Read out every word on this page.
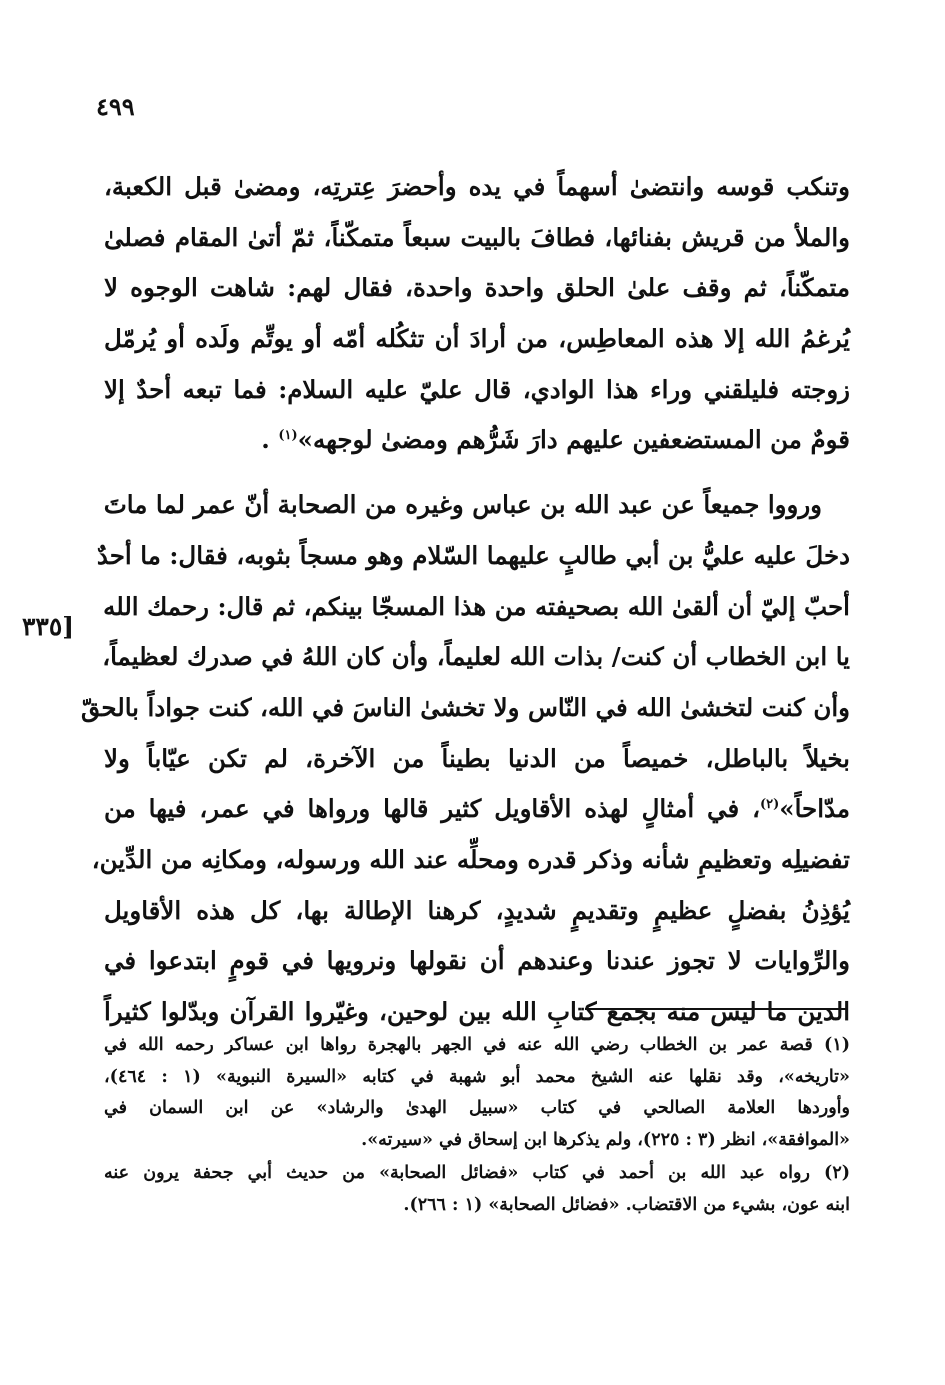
٤٩٩
[٣٣٥
وتنكب قوسه وانتضىٰ أسهماً في يده وأحضرَ عِترتِه، ومضىٰ قبل الكعبة،
والملأ من قريش بفنائها، فطافَ بالبيت سبعاً متمكّناً، ثمّ أتىٰ المقام فصلىٰ
متمكّناً، ثم وقف علىٰ الحلق واحدة واحدة، فقال لهم: شاهت الوجوه لا
يُرغمُ الله إلا هذه المعاطِس، من أرادَ أن تثكُله أمّه أو يوتِّم ولَده أو يُرمّل
زوجته فليلقني وراء هذا الوادي، قال عليّ عليه السلام: فما تبعه أحدٌ إلا
قومٌ من المستضعفين عليهم دارَ شَرُّهم ومضىٰ لوجهه»$^{(١)}$ .
ورووا جميعاً عن عبد الله بن عباس وغيره من الصحابة أنّ عمر لما ماتَ
دخلَ عليه عليُّ بن أبي طالبٍ عليهما السّلام وهو مسجاً بثوبه، فقال: ما أحدٌ
أحبّ إليّ أن ألقىٰ الله بصحيفته من هذا المسجّا بينكم، ثم قال: رحمك الله
يا ابن الخطاب أن كنت/ بذات الله لعليماً، وأن كان اللهُ في صدرك لعظيماً،
وأن كنت لتخشىٰ الله في النّاس ولا تخشىٰ الناسَ في الله، كنت جواداً بالحقّ
بخيلاً بالباطل، خميصاً من الدنيا بطيناً من الآخرة، لم تكن عيّاباً ولا
مدّاحاً»$^{(٢)}$، في أمثالٍ لهذه الأقاويل كثير قالها ورواها في عمر، فيها من
تفضيلِه وتعظيمِ شأنه وذكر قدره ومحلِّه عند الله ورسوله، ومكانِه من الدِّين،
يُؤذِنُ بفضلٍ عظيمٍ وتقديمٍ شديدٍ، كرهنا الإطالة بها، كل هذه الأقاويل
والرِّوايات لا تجوز عندنا وعندهم أن نقولها ونرويها في قومٍ ابتدعوا في
الدين ما ليس منه بجمع كتابِ الله بين لوحين، وغيّروا القرآن وبدّلوا كثيراً
(١) قصة عمر بن الخطاب رضي الله عنه في الجهر بالهجرة رواها ابن عساكر رحمه الله في
«تاريخه»، وقد نقلها عنه الشيخ محمد أبو شهبة في كتابه «السيرة النبوية» (١ : ٤٦٤)،
وأوردها العلامة الصالحي في كتاب «سبيل الهدىٰ والرشاد» عن ابن السمان في
«الموافقة»، انظر (٣ : ٢٢٥)، ولم يذكرها ابن إسحاق في «سيرته».
(٢) رواه عبد الله بن أحمد في كتاب «فضائل الصحابة» من حديث أبي جحفة يرون عنه
ابنه عون، بشيء من الاقتضاب. «فضائل الصحابة» (١ : ٢٦٦).
